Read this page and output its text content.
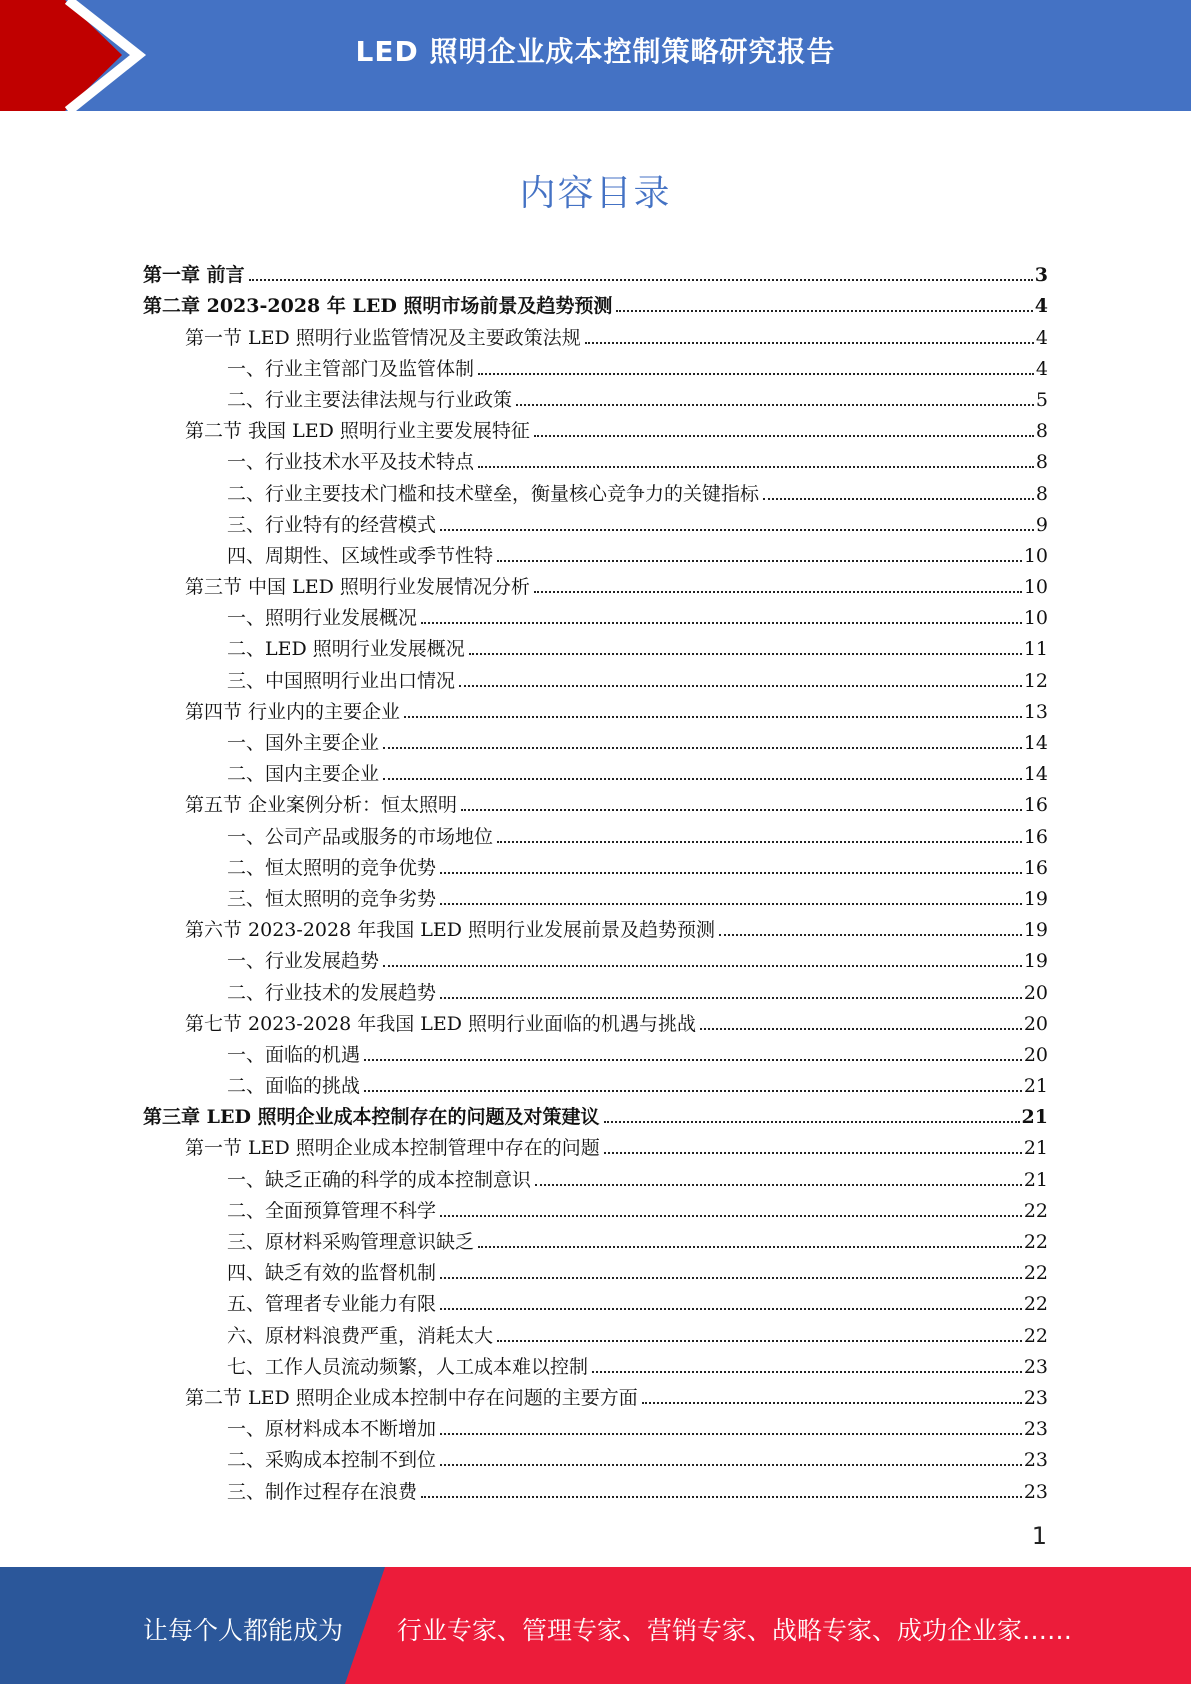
LED 照明企业成本控制策略研究报告
内容目录
第一章 前言	3
第二章 2023-2028 年 LED 照明市场前景及趋势预测	4
第一节 LED 照明行业监管情况及主要政策法规	4
一、行业主管部门及监管体制	4
二、行业主要法律法规与行业政策	5
第二节 我国 LED 照明行业主要发展特征	8
一、行业技术水平及技术特点	8
二、行业主要技术门槛和技术壁垒，衡量核心竞争力的关键指标	8
三、行业特有的经营模式	9
四、周期性、区域性或季节性特	10
第三节 中国 LED 照明行业发展情况分析	10
一、照明行业发展概况	10
二、LED 照明行业发展概况	11
三、中国照明行业出口情况	12
第四节 行业内的主要企业	13
一、国外主要企业	14
二、国内主要企业	14
第五节 企业案例分析：恒太照明	16
一、公司产品或服务的市场地位	16
二、恒太照明的竞争优势	16
三、恒太照明的竞争劣势	19
第六节 2023-2028 年我国 LED 照明行业发展前景及趋势预测	19
一、行业发展趋势	19
二、行业技术的发展趋势	20
第七节 2023-2028 年我国 LED 照明行业面临的机遇与挑战	20
一、面临的机遇	20
二、面临的挑战	21
第三章 LED 照明企业成本控制存在的问题及对策建议	21
第一节 LED 照明企业成本控制管理中存在的问题	21
一、缺乏正确的科学的成本控制意识	21
二、全面预算管理不科学	22
三、原材料采购管理意识缺乏	22
四、缺乏有效的监督机制	22
五、管理者专业能力有限	22
六、原材料浪费严重，消耗太大	22
七、工作人员流动频繁，人工成本难以控制	23
第二节 LED 照明企业成本控制中存在问题的主要方面	23
一、原材料成本不断增加	23
二、采购成本控制不到位	23
三、制作过程存在浪费	23
1
让每个人都能成为 行业专家、管理专家、营销专家、战略专家、成功企业家……
